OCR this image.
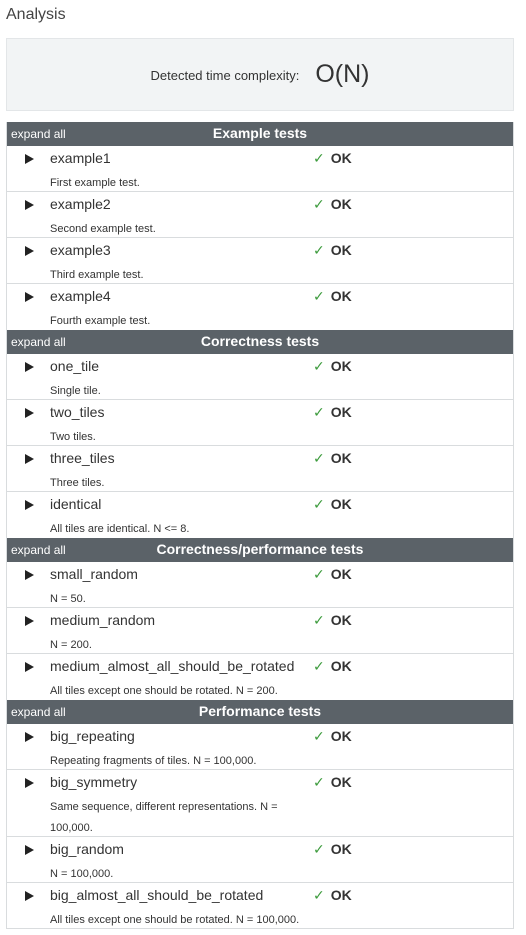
Analysis
Detected time complexity: O(N)
expand all	Example tests
example1
First example test.
✓ OK
example2
Second example test.
✓ OK
example3
Third example test.
✓ OK
example4
Fourth example test.
✓ OK
expand all	Correctness tests
one_tile
Single tile.
✓ OK
two_tiles
Two tiles.
✓ OK
three_tiles
Three tiles.
✓ OK
identical
All tiles are identical. N <= 8.
✓ OK
expand all	Correctness/performance tests
small_random
N = 50.
✓ OK
medium_random
N = 200.
✓ OK
medium_almost_all_should_be_rotated
All tiles except one should be rotated. N = 200.
✓ OK
expand all	Performance tests
big_repeating
Repeating fragments of tiles. N = 100,000.
✓ OK
big_symmetry
Same sequence, different representations. N = 100,000.
✓ OK
big_random
N = 100,000.
✓ OK
big_almost_all_should_be_rotated
All tiles except one should be rotated. N = 100,000.
✓ OK
